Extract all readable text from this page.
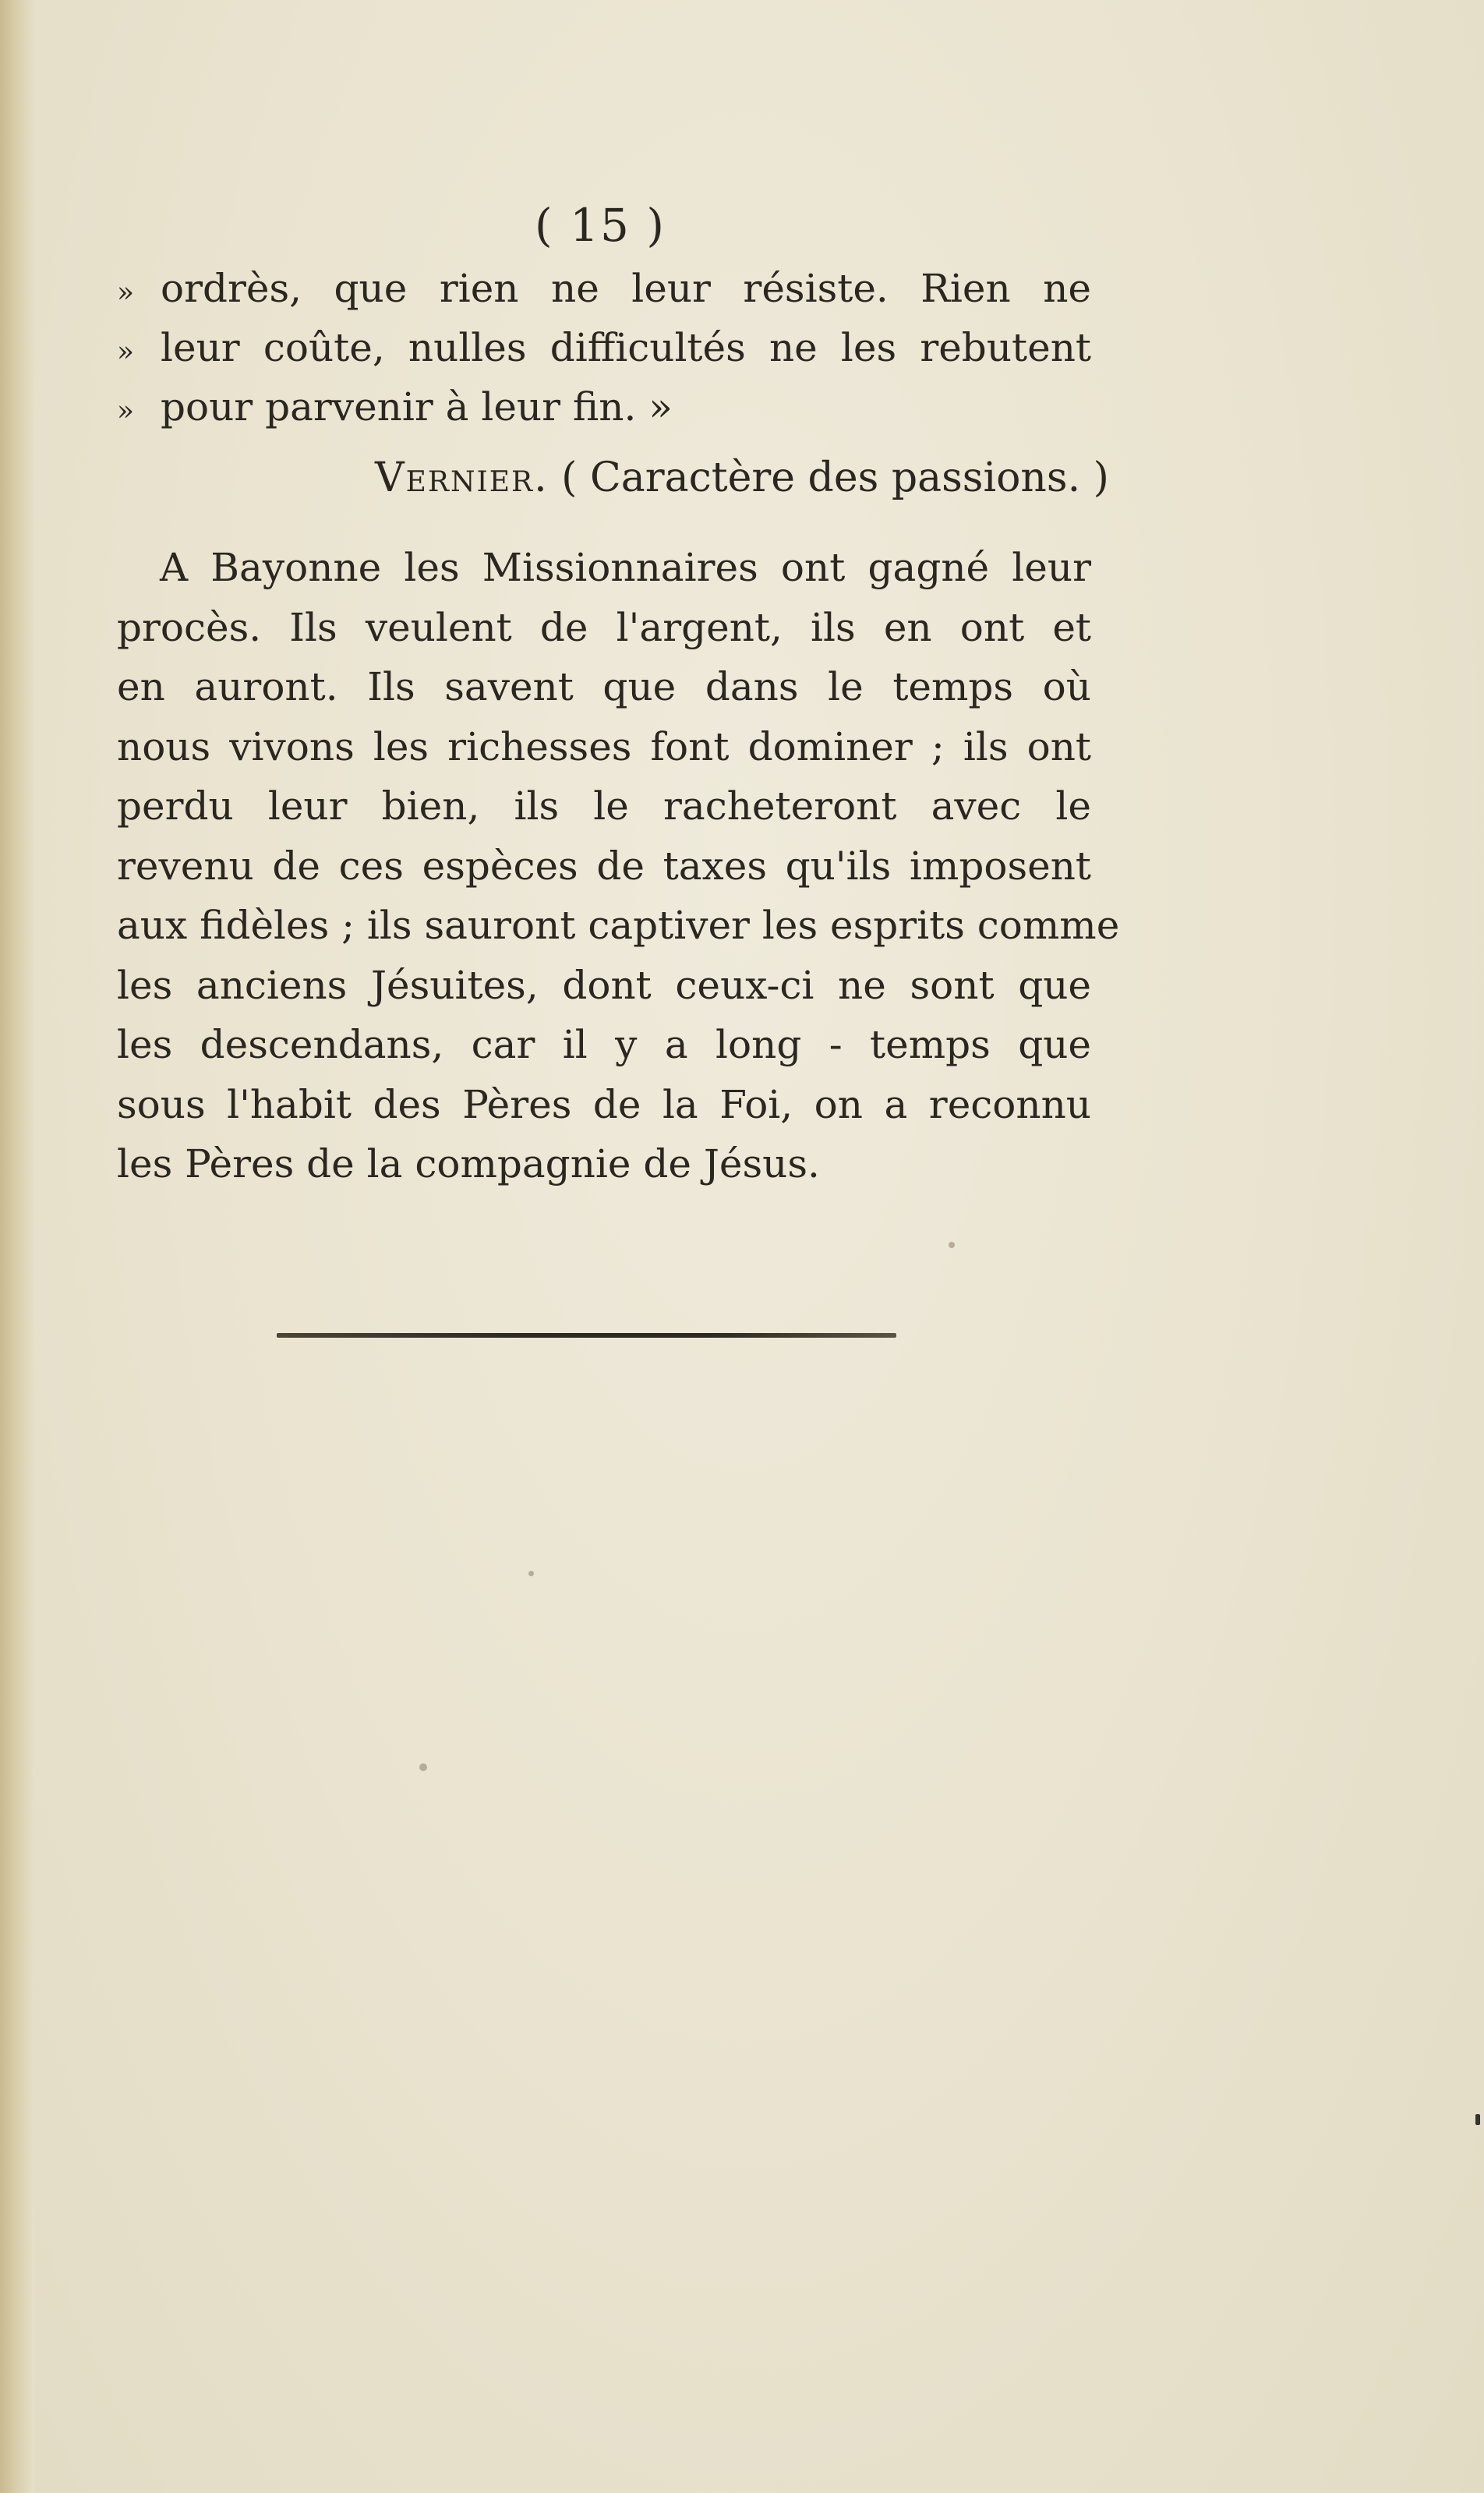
( 15 )
» ordrès, que rien ne leur résiste. Rien ne
» leur coûte, nulles difficultés ne les rebutent
» pour parvenir à leur fin. »
Vernier. ( Caractère des passions. )
A Bayonne les Missionnaires ont gagné leur
procès. Ils veulent de l'argent, ils en ont et
en auront. Ils savent que dans le temps où
nous vivons les richesses font dominer ; ils ont
perdu leur bien, ils le racheteront avec le
revenu de ces espèces de taxes qu'ils imposent
aux fidèles ; ils sauront captiver les esprits comme
les anciens Jésuites, dont ceux-ci ne sont que
les descendans, car il y a long - temps que
sous l'habit des Pères de la Foi, on a reconnu
les Pères de la compagnie de Jésus.
